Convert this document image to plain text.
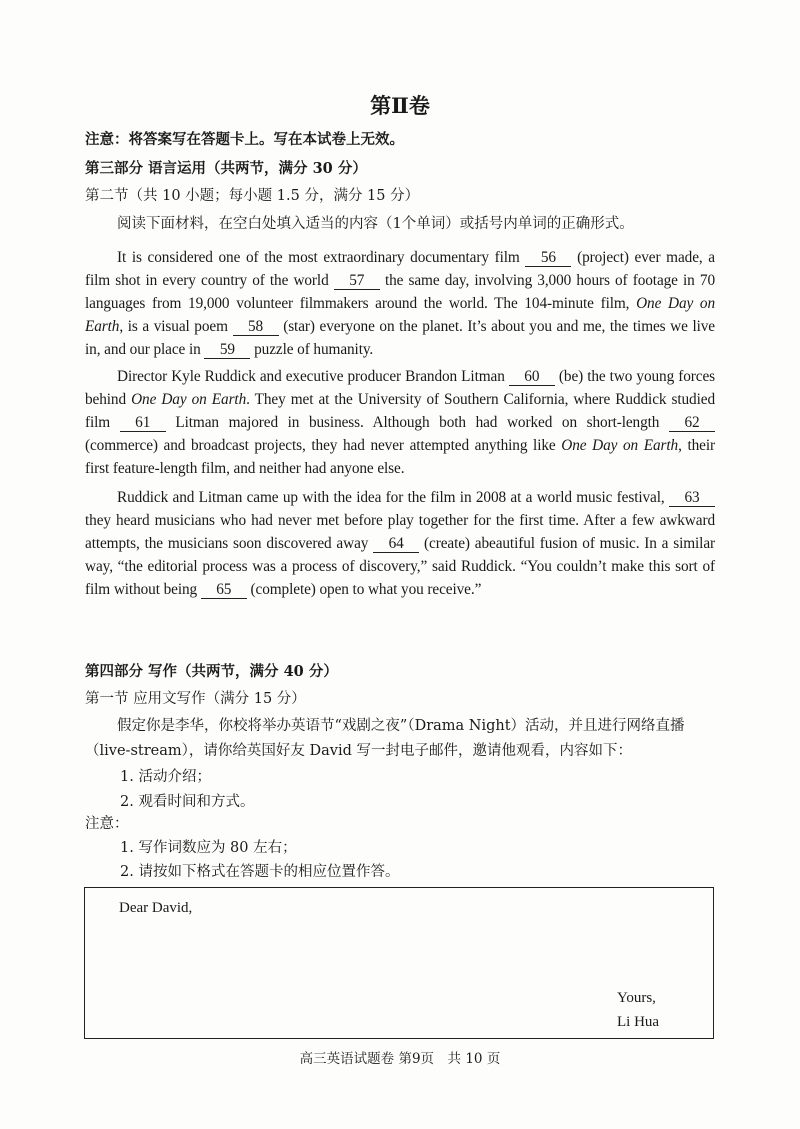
第Ⅱ卷
注意：将答案写在答题卡上。写在本试卷上无效。
第三部分 语言运用（共两节，满分 30 分）
第二节（共 10 小题；每小题 1.5 分，满分 15 分）
阅读下面材料，在空白处填入适当的内容（1个单词）或括号内单词的正确形式。
It is considered one of the most extraordinary documentary film 56 (project) ever made, a film shot in every country of the world 57 the same day, involving 3,000 hours of footage in 70 languages from 19,000 volunteer filmmakers around the world. The 104-minute film, One Day on Earth, is a visual poem 58 (star) everyone on the planet. It’s about you and me, the times we live in, and our place in 59 puzzle of humanity.
Director Kyle Ruddick and executive producer Brandon Litman 60 (be) the two young forces behind One Day on Earth. They met at the University of Southern California, where Ruddick studied film 61 Litman majored in business. Although both had worked on short-length 62 (commerce) and broadcast projects, they had never attempted anything like One Day on Earth, their first feature-length film, and neither had anyone else.
Ruddick and Litman came up with the idea for the film in 2008 at a world music festival, 63 they heard musicians who had never met before play together for the first time. After a few awkward attempts, the musicians soon discovered away 64 (create) abeautiful fusion of music. In a similar way, “the editorial process was a process of discovery,” said Ruddick. “You couldn’t make this sort of film without being 65 (complete) open to what you receive.”
第四部分 写作（共两节，满分 40 分）
第一节 应用文写作（满分 15 分）
假定你是李华，你校将举办英语节“戏剧之夜”（Drama Night）活动，并且进行网络直播（live-stream），请你给英国好友 David 写一封电子邮件，邀请他观看，内容如下：
1. 活动介绍；
2. 观看时间和方式。
注意：
1. 写作词数应为 80 左右；
2. 请按如下格式在答题卡的相应位置作答。
Dear David,
Yours,
Li Hua
高三英语试题卷 第9页　共 10 页
